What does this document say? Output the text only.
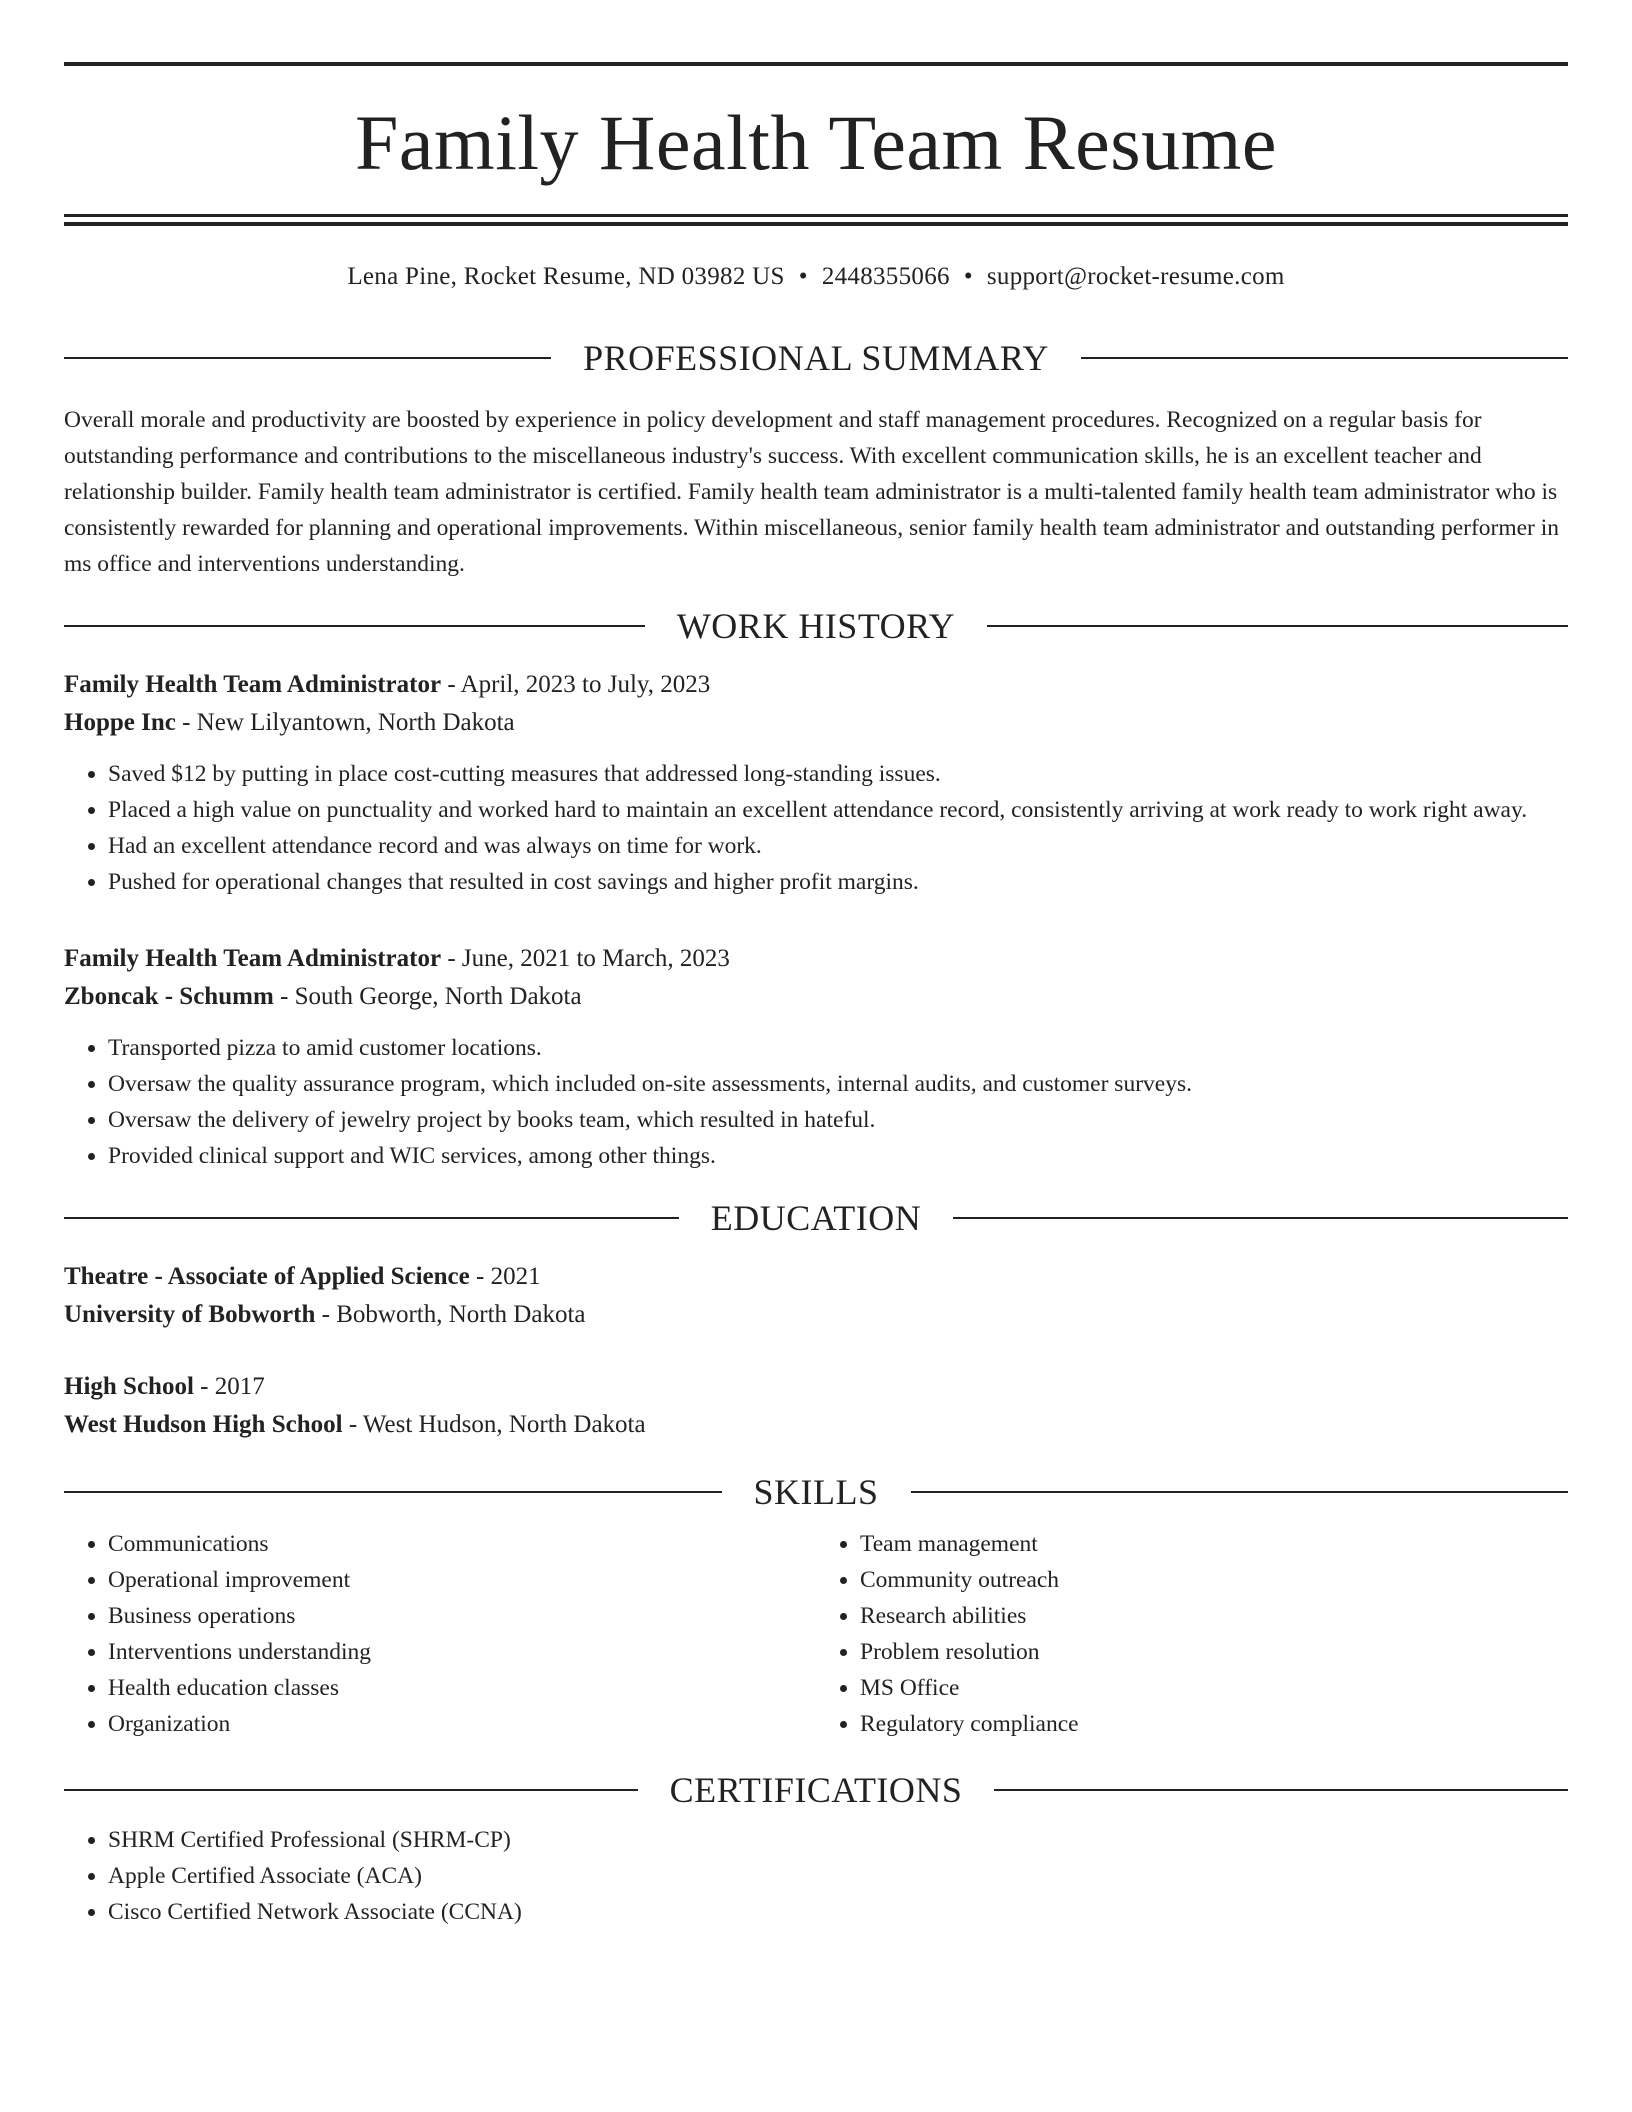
Family Health Team Resume
Lena Pine, Rocket Resume, ND 03982 US • 2448355066 • support@rocket-resume.com
PROFESSIONAL SUMMARY

Overall morale and productivity are boosted by experience in policy development and staff management procedures. Recognized on a regular basis for outstanding performance and contributions to the miscellaneous industry's success. With excellent communication skills, he is an excellent teacher and relationship builder. Family health team administrator is certified. Family health team administrator is a multi-talented family health team administrator who is consistently rewarded for planning and operational improvements. Within miscellaneous, senior family health team administrator and outstanding performer in ms office and interventions understanding.

WORK HISTORY

Family Health Team Administrator - April, 2023 to July, 2023

Hoppe Inc - New Lilyantown, North Dakota

• Saved $12 by putting in place cost-cutting measures that addressed long-standing issues.
• Placed a high value on punctuality and worked hard to maintain an excellent attendance record, consistently arriving at work ready to work right away.
• Had an excellent attendance record and was always on time for work.
• Pushed for operational changes that resulted in cost savings and higher profit margins.

Family Health Team Administrator - June, 2021 to March, 2023

Zboncak - Schumm - South George, North Dakota

• Transported pizza to amid customer locations.
• Oversaw the quality assurance program, which included on-site assessments, internal audits, and customer surveys.
• Oversaw the delivery of jewelry project by books team, which resulted in hateful.
• Provided clinical support and WIC services, among other things.
EDUCATION

Theatre - Associate of Applied Science - 2021

University of Bobworth - Bobworth, North Dakota

High School - 2017

West Hudson High School - West Hudson, North Dakota

SKILLS
• Communications
• Operational improvement
• Business operations
• Interventions understanding
• Health education classes
• Organization
• Team management
• Community outreach
• Research abilities
• Problem resolution
• MS Office
• Regulatory compliance
CERTIFICATIONS
• SHRM Certified Professional (SHRM-CP)
• Apple Certified Associate (ACA)
• Cisco Certified Network Associate (CCNA)
